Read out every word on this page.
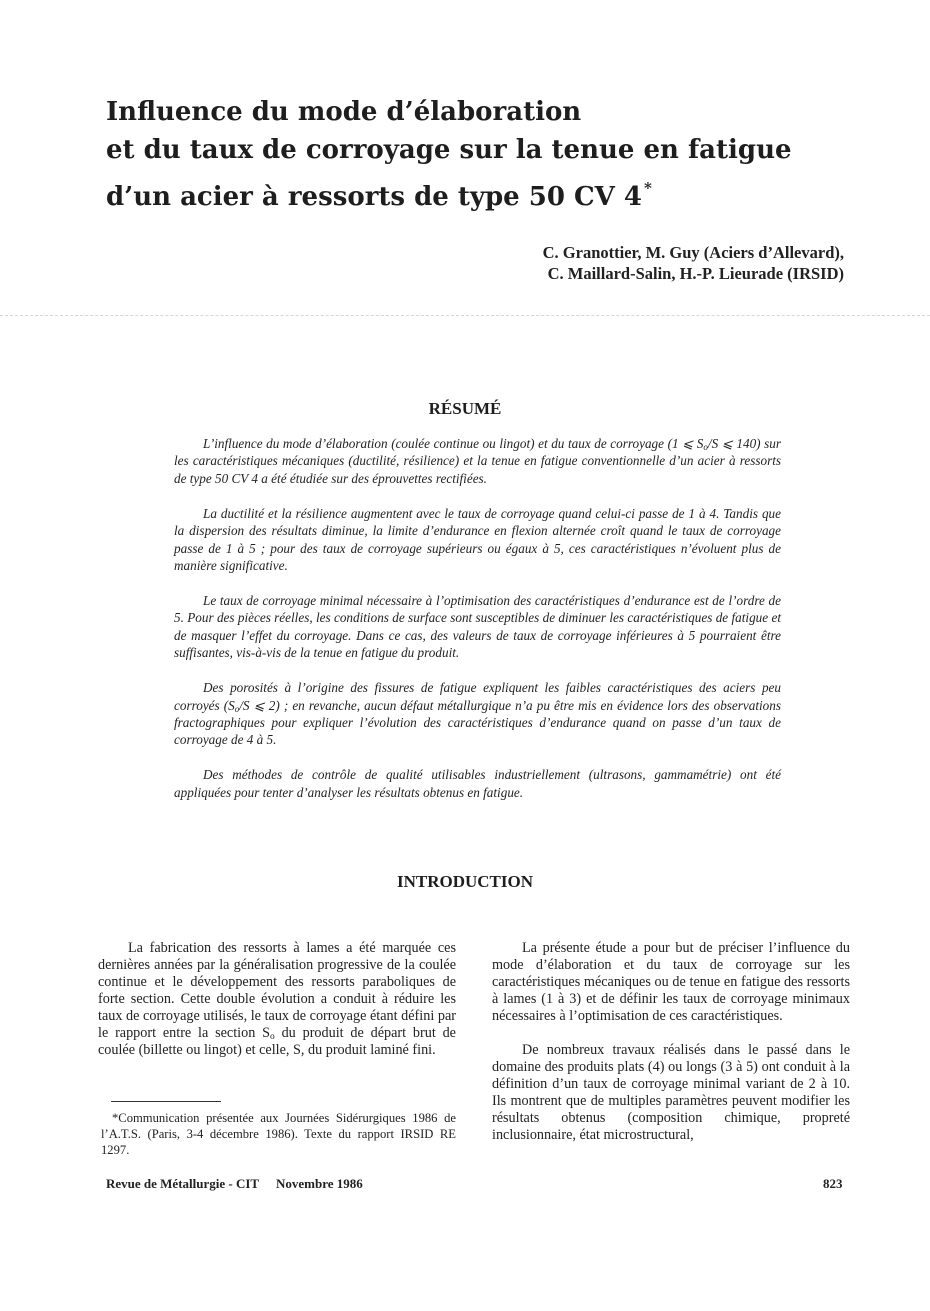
Influence du mode d’élaboration
et du taux de corroyage sur la tenue en fatigue
d’un acier à ressorts de type 50 CV 4 *
C. Granottier, M. Guy (Aciers d’Allevard),
C. Maillard-Salin, H.-P. Lieurade (IRSID)
RÉSUMÉ

L’influence du mode d’élaboration (coulée continue ou lingot) et du taux de corroyage (1 ⩽ $S_o/S$ ⩽ 140) sur les caractéristiques mécaniques (ductilité, résilience) et la tenue en fatigue conventionnelle d’un acier à ressorts de type 50 CV 4 a été étudiée sur des éprouvettes rectifiées.

La ductilité et la résilience augmentent avec le taux de corroyage quand celui-ci passe de 1 à 4. Tandis que la dispersion des résultats diminue, la limite d’endurance en flexion alternée croît quand le taux de corroyage passe de 1 à 5 ; pour des taux de corroyage supérieurs ou égaux à 5, ces caractéristiques n’évoluent plus de manière significative.

Le taux de corroyage minimal nécessaire à l’optimisation des caractéristiques d’endurance est de l’ordre de 5. Pour des pièces réelles, les conditions de surface sont susceptibles de diminuer les caractéristiques de fatigue et de masquer l’effet du corroyage. Dans ce cas, des valeurs de taux de corroyage inférieures à 5 pourraient être suffisantes, vis-à-vis de la tenue en fatigue du produit.

Des porosités à l’origine des fissures de fatigue expliquent les faibles caractéristiques des aciers peu corroyés ($S_o/S$ ⩽ 2) ; en revanche, aucun défaut métallurgique n’a pu être mis en évidence lors des observations fractographiques pour expliquer l’évolution des caractéristiques d’endurance quand on passe d’un taux de corroyage de 4 à 5.

Des méthodes de contrôle de qualité utilisables industriellement (ultrasons, gammamétrie) ont été appliquées pour tenter d’analyser les résultats obtenus en fatigue.

INTRODUCTION

La fabrication des ressorts à lames a été marquée ces dernières années par la généralisation progressive de la coulée continue et le développement des ressorts paraboliques de forte section. Cette double évolution a conduit à réduire les taux de corroyage utilisés, le taux de corroyage étant défini par le rapport entre la section $S_o$ du produit de départ brut de coulée (billette ou lingot) et celle, S, du produit laminé fini.

*Communication présentée aux Journées Sidérurgiques 1986 de l’A.T.S. (Paris, 3-4 décembre 1986). Texte du rapport IRSID RE 1297.

La présente étude a pour but de préciser l’influence du mode d’élaboration et du taux de corroyage sur les caractéristiques mécaniques ou de tenue en fatigue des ressorts à lames (1 à 3) et de définir les taux de corroyage minimaux nécessaires à l’optimisation de ces caractéristiques.

De nombreux travaux réalisés dans le passé dans le domaine des produits plats (4) ou longs (3 à 5) ont conduit à la définition d’un taux de corroyage minimal variant de 2 à 10. Ils montrent que de multiples paramètres peuvent modifier les résultats obtenus (composition chimique, propreté inclusionnaire, état microstructural,

Revue de Métallurgie - CIT Novembre 1986	823
